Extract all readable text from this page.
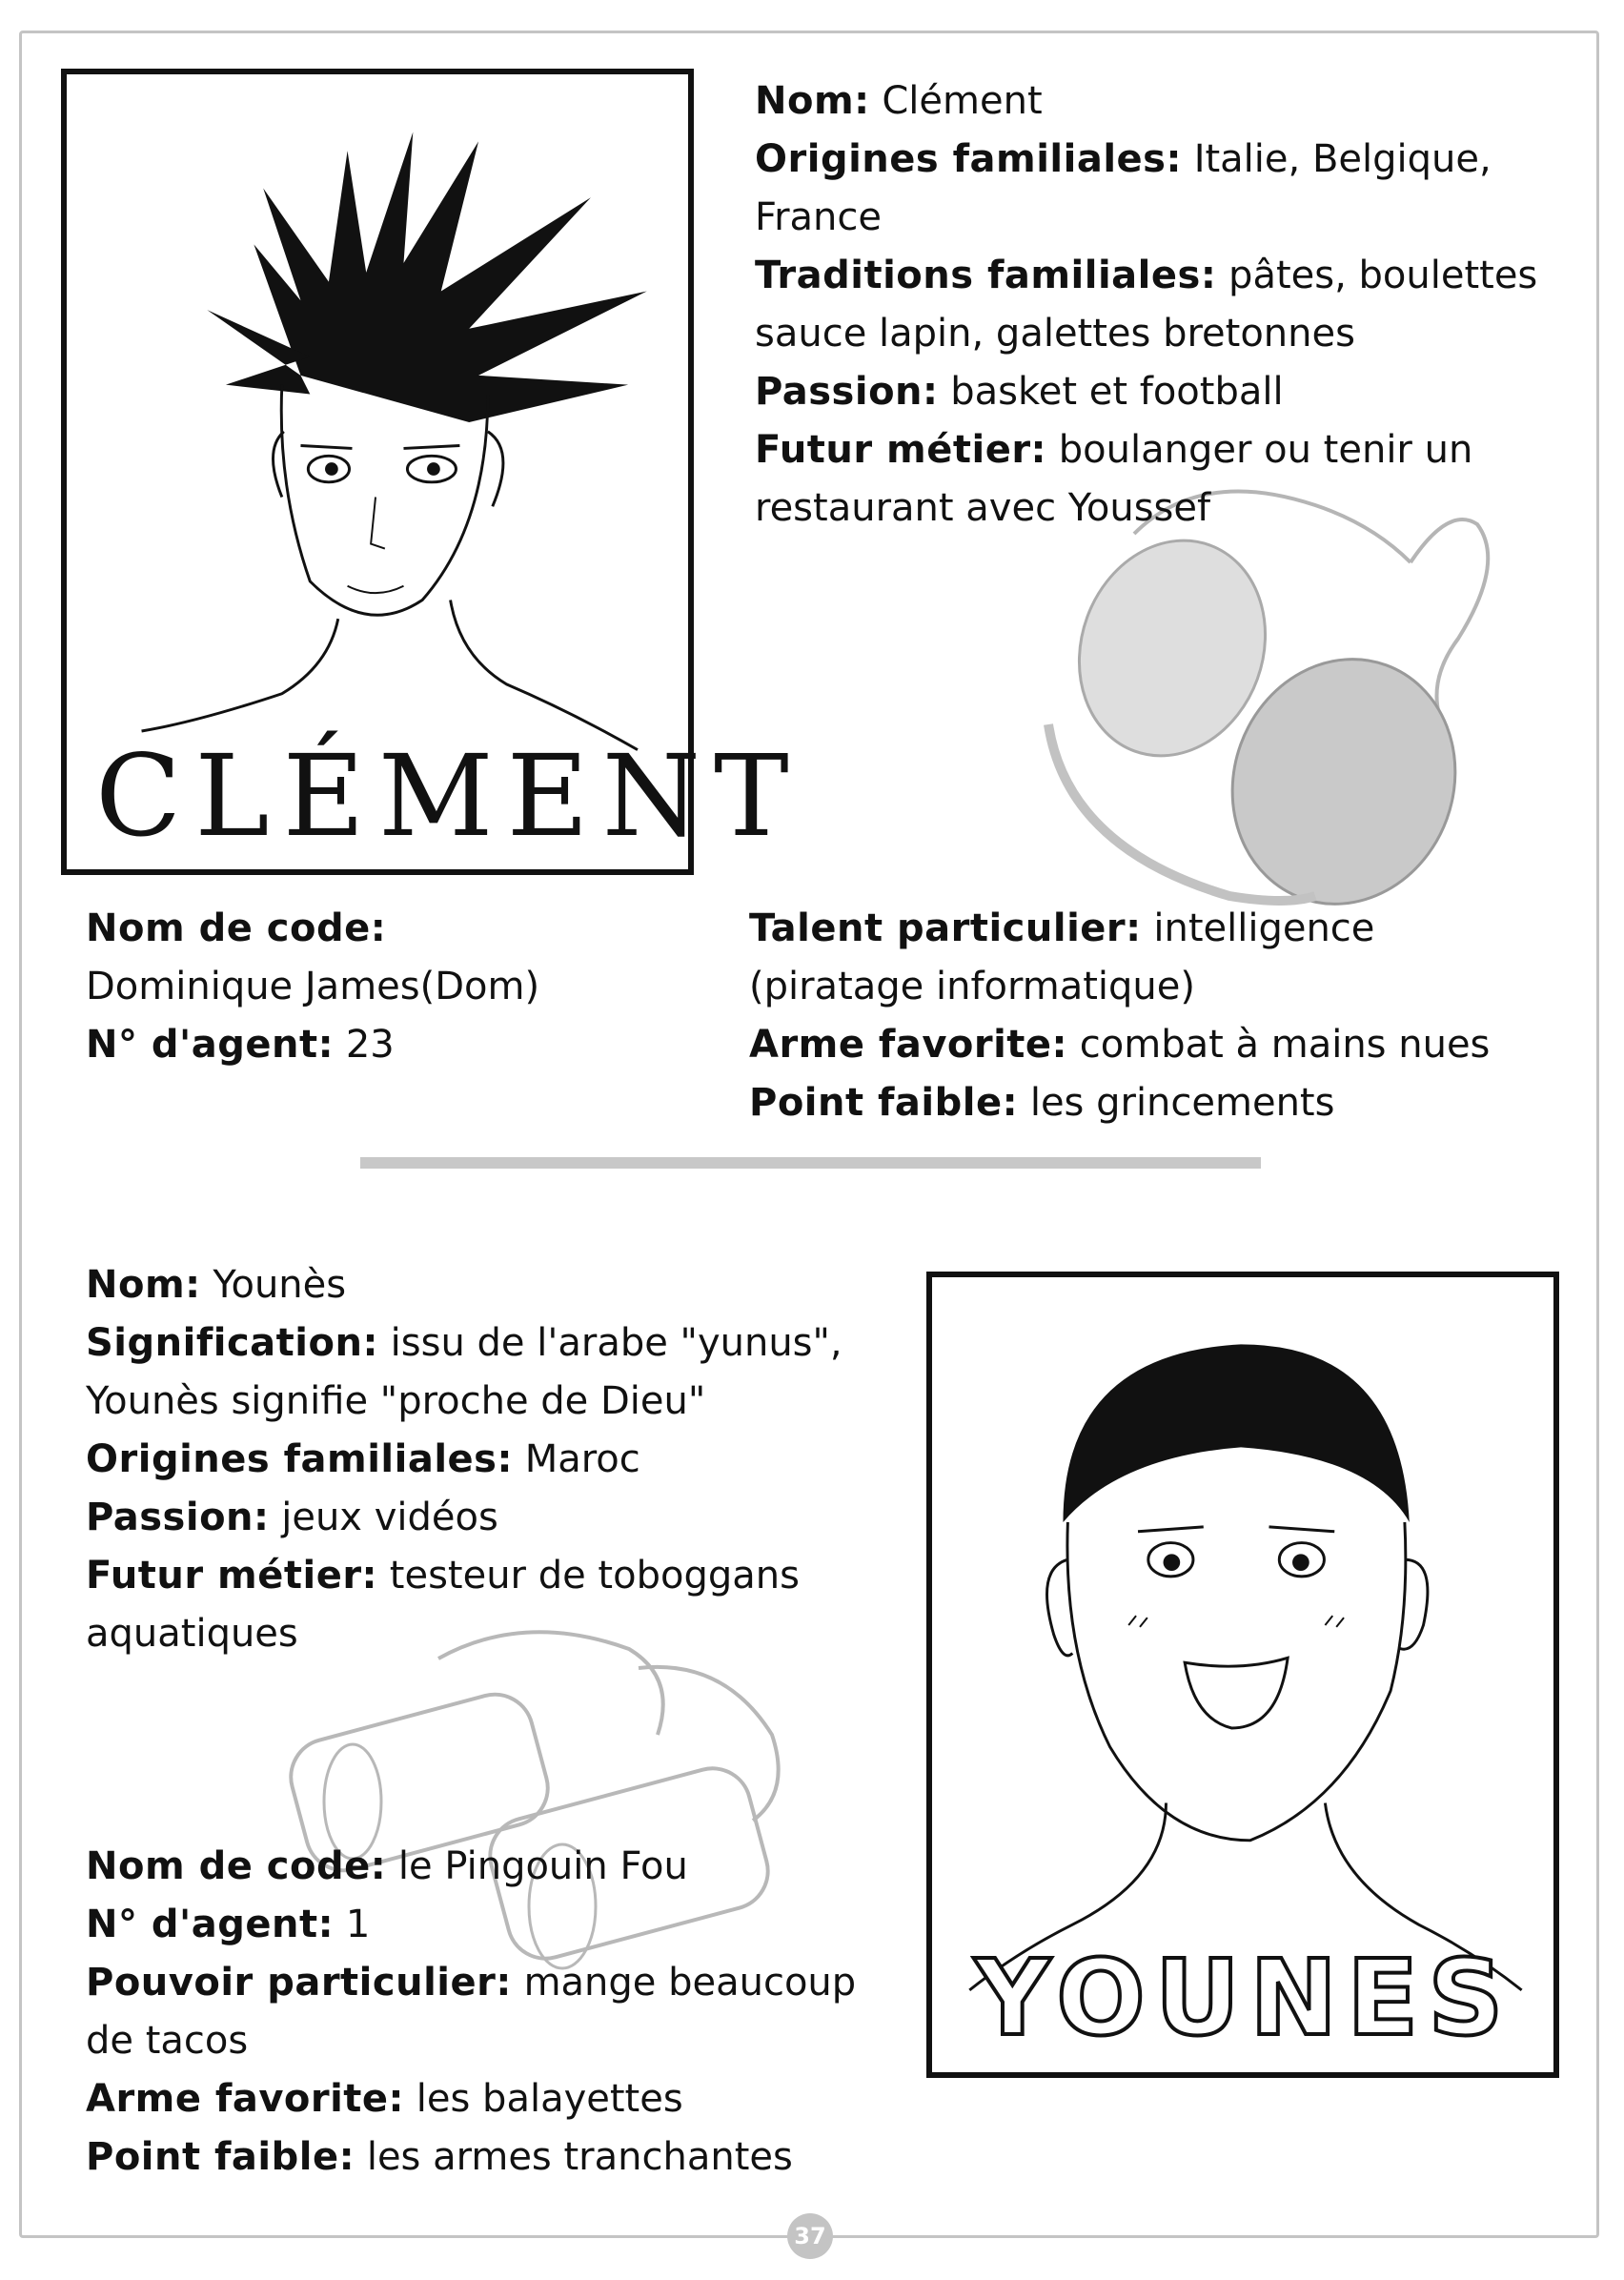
CLÉMENT
Nom: Clément
Origines familiales: Italie, Belgique,
France
Traditions familiales: pâtes, boulettes
sauce lapin, galettes bretonnes
Passion: basket et football
Futur métier: boulanger ou tenir un
restaurant avec Youssef
Nom de code:
Dominique James(Dom)
N° d'agent: 23
Talent particulier: intelligence
(piratage informatique)
Arme favorite: combat à mains nues
Point faible: les grincements
Nom: Younès
Signification: issu de l'arabe "yunus",
Younès signifie "proche de Dieu"
Origines familiales: Maroc
Passion: jeux vidéos
Futur métier: testeur de toboggans
aquatiques
Nom de code: le Pingouin Fou
N° d'agent: 1
Pouvoir particulier: mange beaucoup
de tacos
Arme favorite: les balayettes
Point faible: les armes tranchantes
YOUNES
37
